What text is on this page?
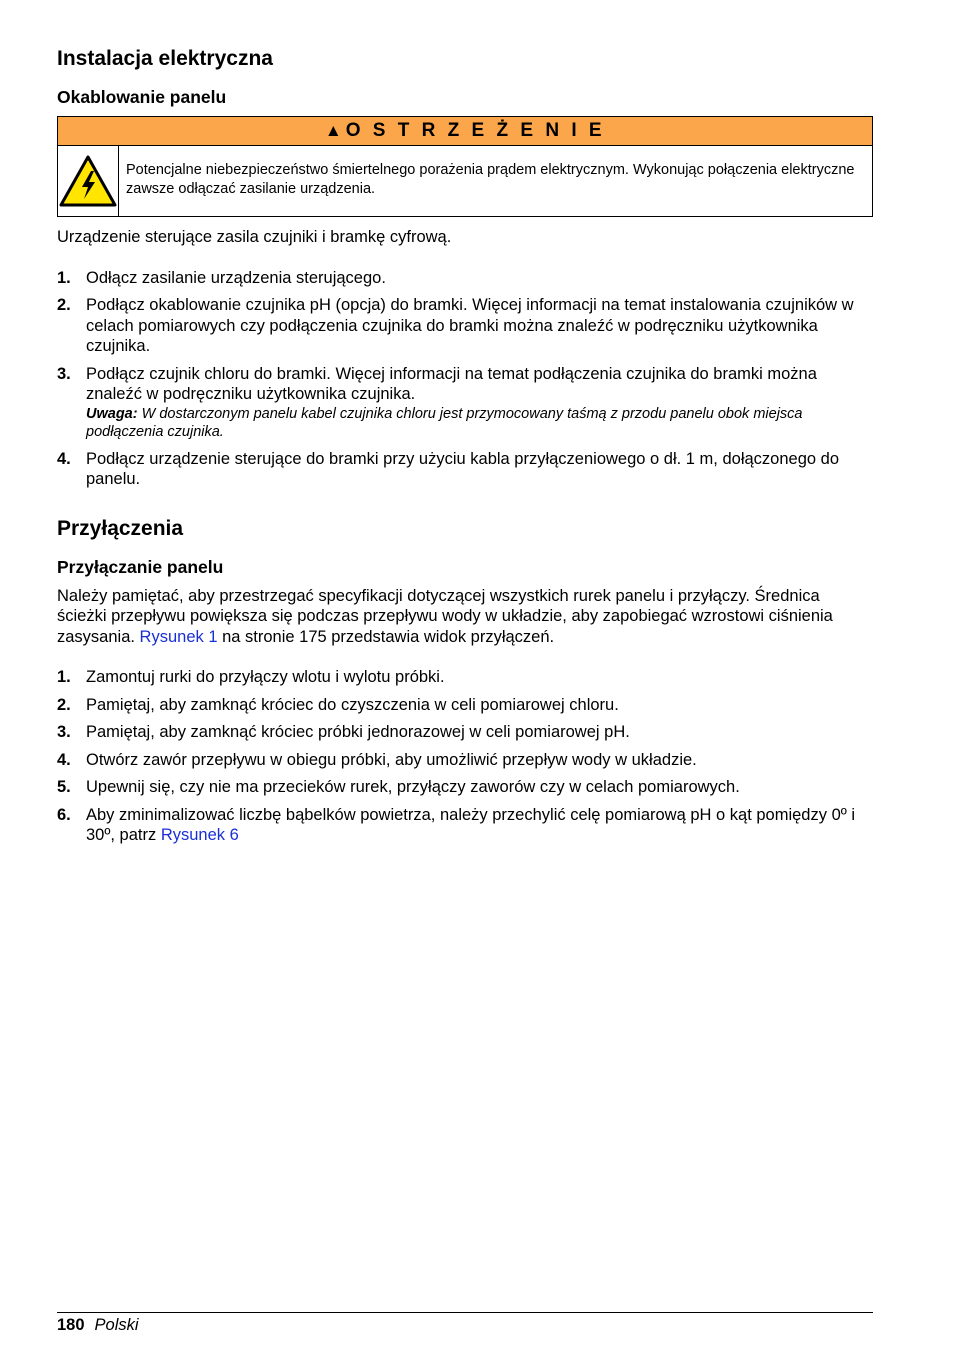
Instalacja elektryczna
Okablowanie panelu
▲ O S T R Z E Ż E N I E
Potencjalne niebezpieczeństwo śmiertelnego porażenia prądem elektrycznym. Wykonując połączenia elektryczne zawsze odłączać zasilanie urządzenia.

Urządzenie sterujące zasila czujniki i bramkę cyfrową.

1. Odłącz zasilanie urządzenia sterującego.
2. Podłącz okablowanie czujnika pH (opcja) do bramki. Więcej informacji na temat instalowania czujników w celach pomiarowych czy podłączenia czujnika do bramki można znaleźć w podręczniku użytkownika czujnika.
3. Podłącz czujnik chloru do bramki. Więcej informacji na temat podłączenia czujnika do bramki można znaleźć w podręczniku użytkownika czujnika.
Uwaga: W dostarczonym panelu kabel czujnika chloru jest przymocowany taśmą z przodu panelu obok miejsca podłączenia czujnika.
4. Podłącz urządzenie sterujące do bramki przy użyciu kabla przyłączeniowego o dł. 1 m, dołączonego do panelu.
Przyłączenia
Przyłączanie panelu

Należy pamiętać, aby przestrzegać specyfikacji dotyczącej wszystkich rurek panelu i przyłączy. Średnica ścieżki przepływu powiększa się podczas przepływu wody w układzie, aby zapobiegać wzrostowi ciśnienia zasysania. Rysunek 1 na stronie 175 przedstawia widok przyłączeń.

1. Zamontuj rurki do przyłączy wlotu i wylotu próbki.
2. Pamiętaj, aby zamknąć króciec do czyszczenia w celi pomiarowej chloru.
3. Pamiętaj, aby zamknąć króciec próbki jednorazowej w celi pomiarowej pH.
4. Otwórz zawór przepływu w obiegu próbki, aby umożliwić przepływ wody w układzie.
5. Upewnij się, czy nie ma przecieków rurek, przyłączy zaworów czy w celach pomiarowych.
6. Aby zminimalizować liczbę bąbelków powietrza, należy przechylić celę pomiarową pH o kąt pomiędzy 0º i 30º, patrz Rysunek 6
180 Polski
